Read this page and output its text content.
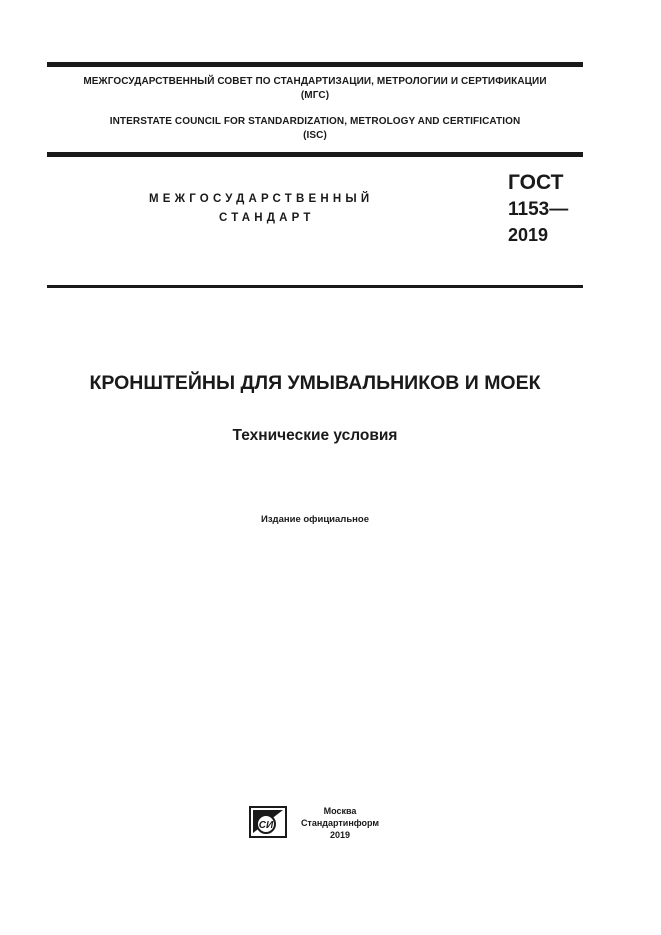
МЕЖГОСУДАРСТВЕННЫЙ СОВЕТ ПО СТАНДАРТИЗАЦИИ, МЕТРОЛОГИИ И СЕРТИФИКАЦИИ
(МГС)
INTERSTATE COUNCIL FOR STANDARDIZATION, METROLOGY AND CERTIFICATION
(ISC)
МЕЖГОСУДАРСТВЕННЫЙ
СТАНДАРТ
ГОСТ
1153—
2019
КРОНШТЕЙНЫ ДЛЯ УМЫВАЛЬНИКОВ И МОЕК
Технические условия
Издание официальное
СИ
Москва
Стандартинформ
2019
